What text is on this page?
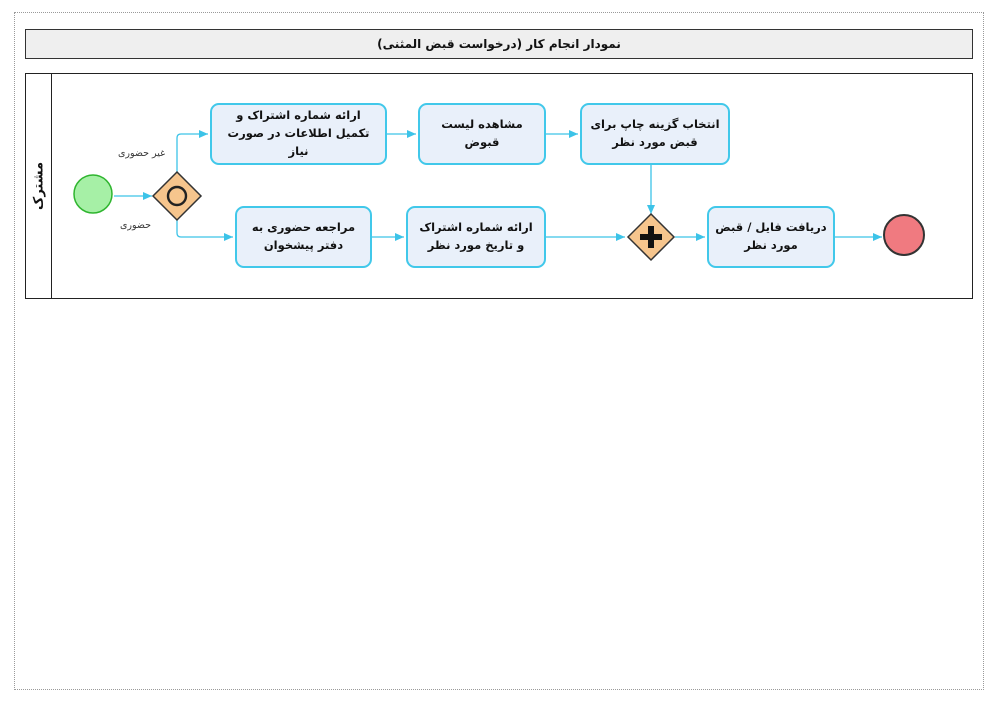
نمودار انجام کار (درخواست قبض المثنی)
مشترک
غیر حضوری
حضوری
ارائه شماره اشتراک و تکمیل اطلاعات در صورت نیاز
مشاهده لیست قبوض
انتخاب گزینه چاپ برای قبض مورد نظر
مراجعه حضوری به دفتر پیشخوان
ارائه شماره اشتراک و تاریخ مورد نظر
دریافت فایل / قبض مورد نظر
